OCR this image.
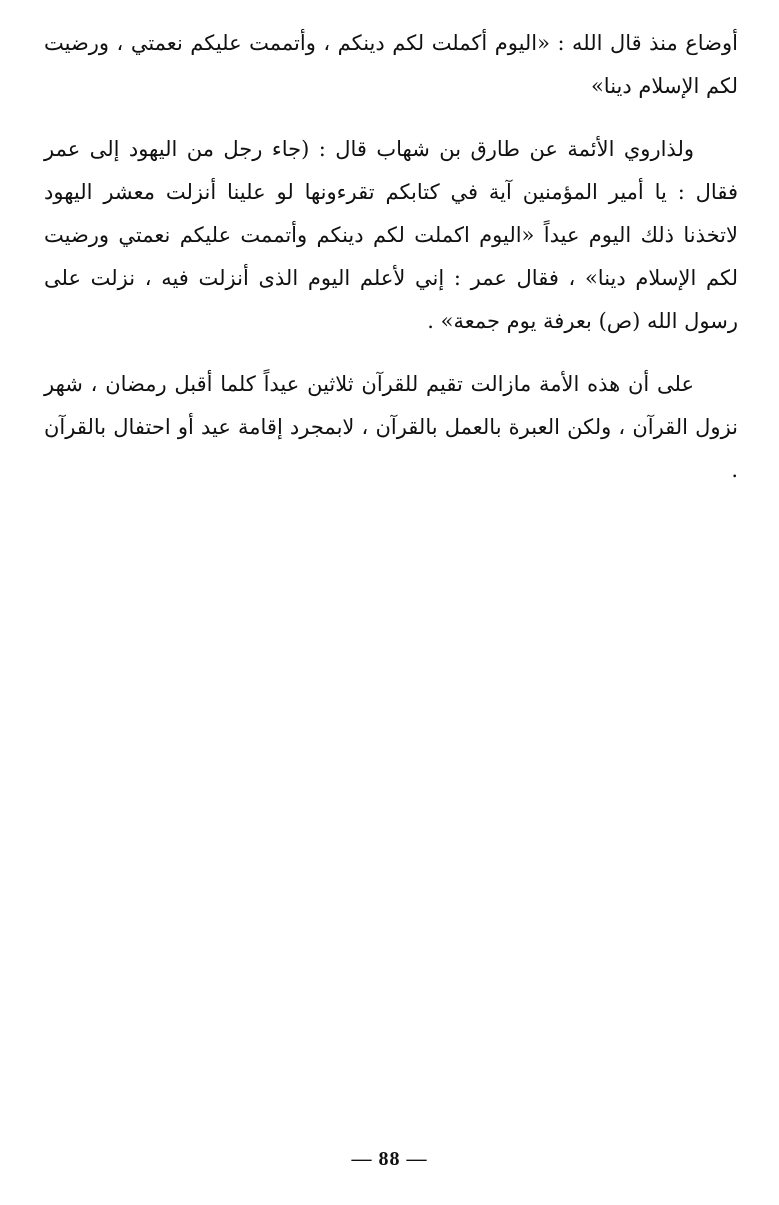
أوضاع منذ قال الله : «اليوم أكملت لكم دينكم ، وأتممت عليكم نعمتي ، ورضيت لكم الإسلام دينا»

ولذاروي الأئمة عن طارق بن شهاب قال : (جاء رجل من اليهود إلى عمر فقال : يا أمير المؤمنين آية في كتابكم تقرءونها لو علينا أنزلت معشر اليهود لاتخذنا ذلك اليوم عيداً «اليوم اكملت لكم دينكم وأتممت عليكم نعمتي ورضيت لكم الإسلام دينا» ، فقال عمر : إني لأعلم اليوم الذى أنزلت فيه ، نزلت على رسول الله (ص) بعرفة يوم جمعة» .

على أن هذه الأمة مازالت تقيم للقرآن ثلاثين عيداً كلما أقبل رمضان ، شهر نزول القرآن ، ولكن العبرة بالعمل بالقرآن ، لابمجرد إقامة عيد أو احتفال بالقرآن .

— 88 —
